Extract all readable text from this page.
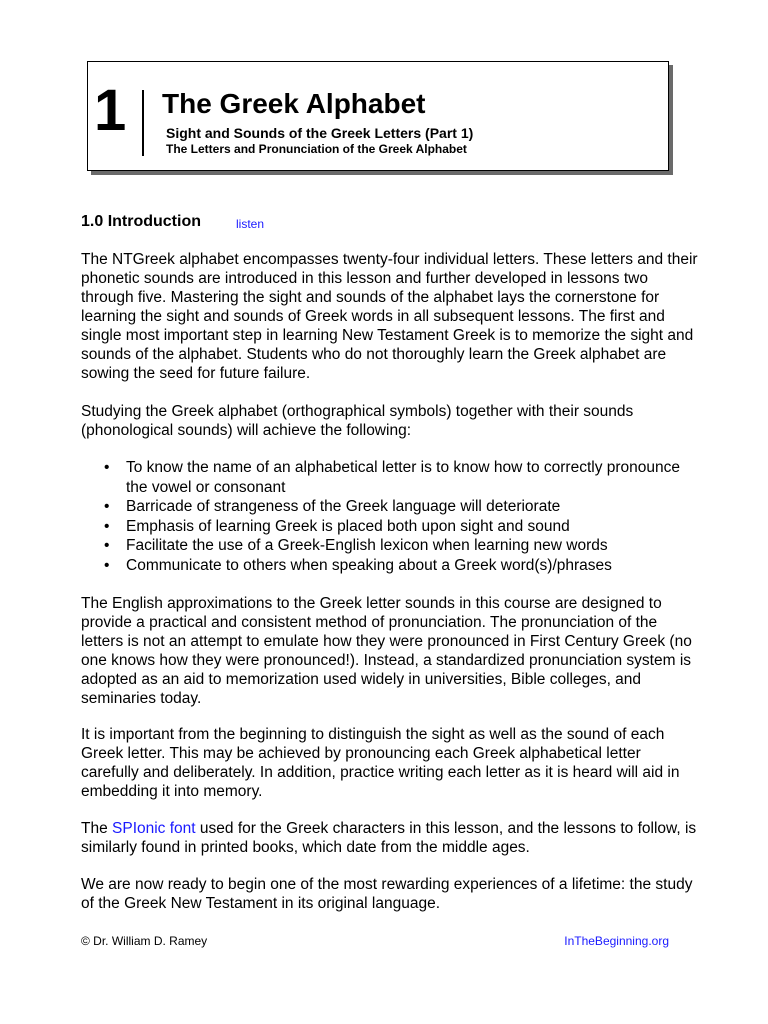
1 The Greek Alphabet
Sight and Sounds of the Greek Letters (Part 1)
The Letters and Pronunciation of the Greek Alphabet
1.0 Introduction	listen

The NTGreek alphabet encompasses twenty-four individual letters. These letters and their phonetic sounds are introduced in this lesson and further developed in lessons two through five. Mastering the sight and sounds of the alphabet lays the cornerstone for learning the sight and sounds of Greek words in all subsequent lessons. The first and single most important step in learning New Testament Greek is to memorize the sight and sounds of the alphabet. Students who do not thoroughly learn the Greek alphabet are sowing the seed for future failure.

Studying the Greek alphabet (orthographical symbols) together with their sounds (phonological sounds) will achieve the following:

• To know the name of an alphabetical letter is to know how to correctly pronounce the vowel or consonant
• Barricade of strangeness of the Greek language will deteriorate
• Emphasis of learning Greek is placed both upon sight and sound
• Facilitate the use of a Greek-English lexicon when learning new words
• Communicate to others when speaking about a Greek word(s)/phrases

The English approximations to the Greek letter sounds in this course are designed to provide a practical and consistent method of pronunciation. The pronunciation of the letters is not an attempt to emulate how they were pronounced in First Century Greek (no one knows how they were pronounced!). Instead, a standardized pronunciation system is adopted as an aid to memorization used widely in universities, Bible colleges, and seminaries today.

It is important from the beginning to distinguish the sight as well as the sound of each Greek letter. This may be achieved by pronouncing each Greek alphabetical letter carefully and deliberately. In addition, practice writing each letter as it is heard will aid in embedding it into memory.

The SPIonic font used for the Greek characters in this lesson, and the lessons to follow, is similarly found in printed books, which date from the middle ages.

We are now ready to begin one of the most rewarding experiences of a lifetime: the study of the Greek New Testament in its original language.

© Dr. William D. Ramey	InTheBeginning.org
